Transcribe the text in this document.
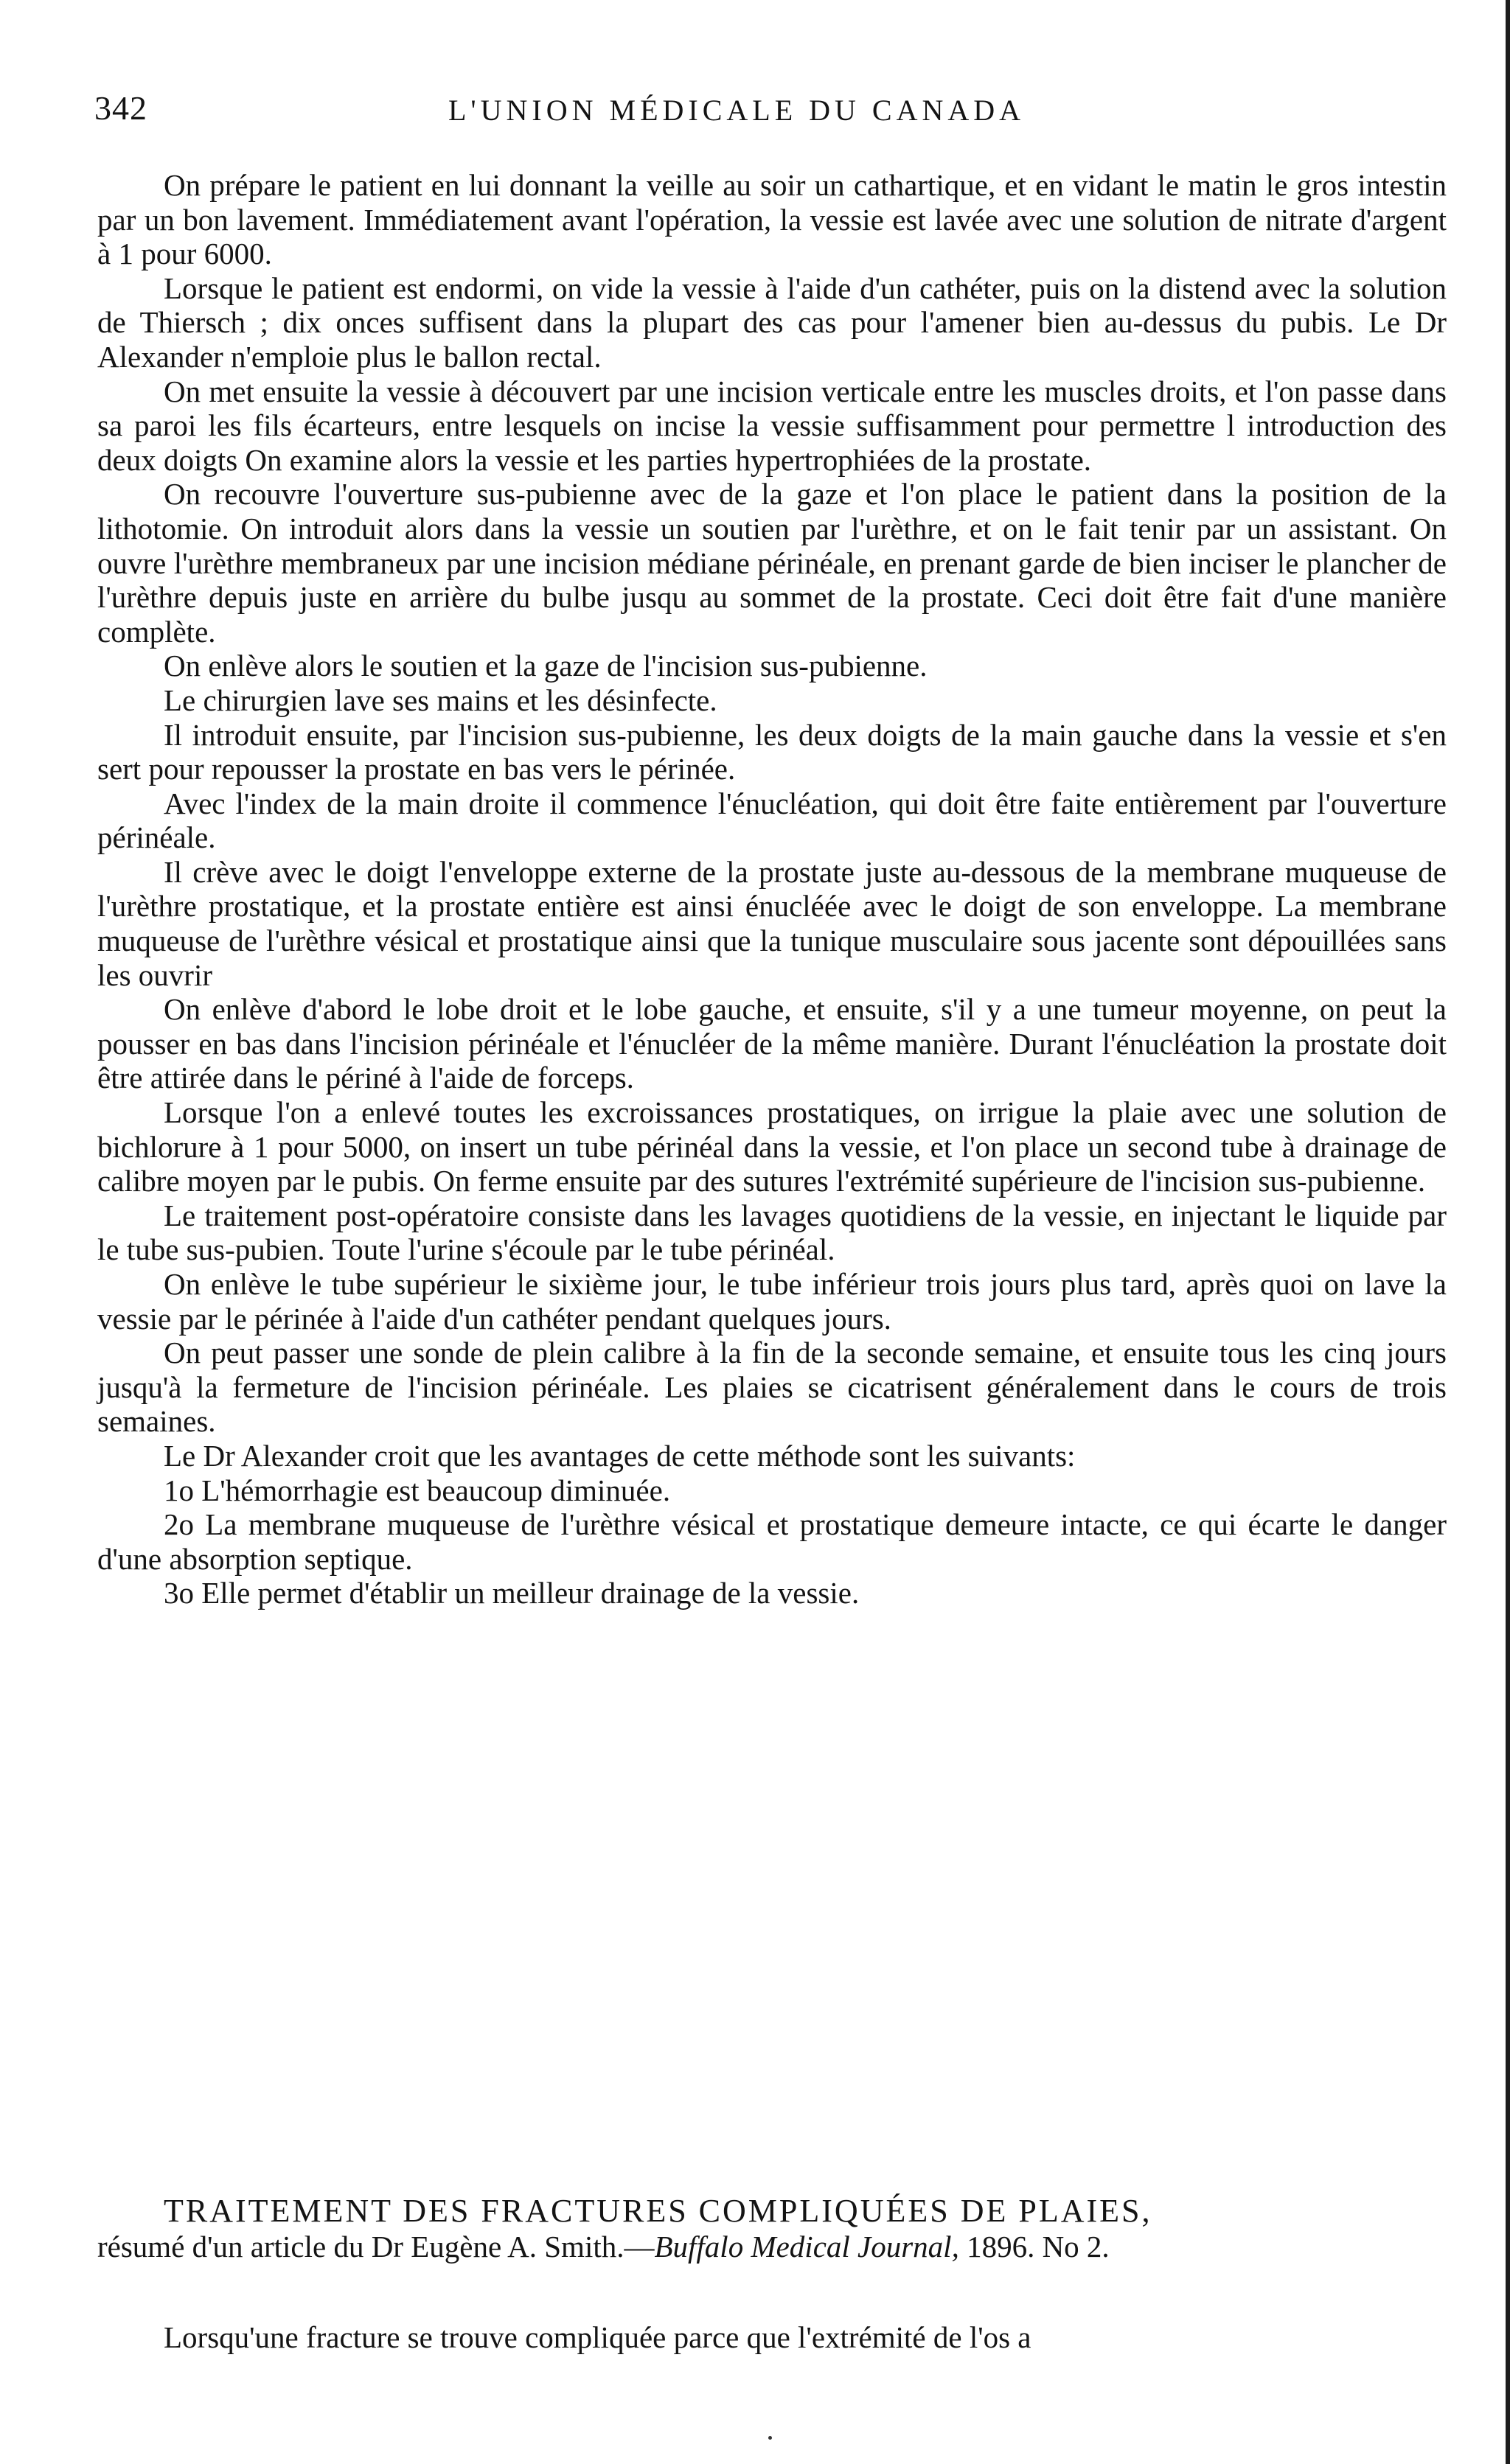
342	L'UNION MÉDICALE DU CANADA

On prépare le patient en lui donnant la veille au soir un cathartique, et en vidant le matin le gros intestin par un bon lavement. Immédiatement avant l'opération, la vessie est lavée avec une solution de nitrate d'argent à 1 pour 6000.

Lorsque le patient est endormi, on vide la vessie à l'aide d'un cathéter, puis on la distend avec la solution de Thiersch ; dix onces suffisent dans la plupart des cas pour l'amener bien au-dessus du pubis. Le Dr Alexander n'emploie plus le ballon rectal.

On met ensuite la vessie à découvert par une incision verticale entre les muscles droits, et l'on passe dans sa paroi les fils écarteurs, entre lesquels on incise la vessie suffisamment pour permettre l introduction des deux doigts On examine alors la vessie et les parties hypertrophiées de la prostate.

On recouvre l'ouverture sus-pubienne avec de la gaze et l'on place le patient dans la position de la lithotomie. On introduit alors dans la vessie un soutien par l'urèthre, et on le fait tenir par un assistant. On ouvre l'urèthre membraneux par une incision médiane périnéale, en prenant garde de bien inciser le plancher de l'urèthre depuis juste en arrière du bulbe jusqu au sommet de la prostate. Ceci doit être fait d'une manière complète.

On enlève alors le soutien et la gaze de l'incision sus-pubienne.

Le chirurgien lave ses mains et les désinfecte.

Il introduit ensuite, par l'incision sus-pubienne, les deux doigts de la main gauche dans la vessie et s'en sert pour repousser la prostate en bas vers le périnée.

Avec l'index de la main droite il commence l'énucléation, qui doit être faite entièrement par l'ouverture périnéale.

Il crève avec le doigt l'enveloppe externe de la prostate juste au-dessous de la membrane muqueuse de l'urèthre prostatique, et la prostate entière est ainsi énucléée avec le doigt de son enveloppe. La membrane muqueuse de l'urèthre vésical et prostatique ainsi que la tunique musculaire sous jacente sont dépouillées sans les ouvrir

On enlève d'abord le lobe droit et le lobe gauche, et ensuite, s'il y a une tumeur moyenne, on peut la pousser en bas dans l'incision périnéale et l'énucléer de la même manière. Durant l'énucléation la prostate doit être attirée dans le périné à l'aide de forceps.

Lorsque l'on a enlevé toutes les excroissances prostatiques, on irrigue la plaie avec une solution de bichlorure à 1 pour 5000, on insert un tube périnéal dans la vessie, et l'on place un second tube à drainage de calibre moyen par le pubis. On ferme ensuite par des sutures l'extrémité supérieure de l'incision sus-pubienne.

Le traitement post-opératoire consiste dans les lavages quotidiens de la vessie, en injectant le liquide par le tube sus-pubien. Toute l'urine s'écoule par le tube périnéal.

On enlève le tube supérieur le sixième jour, le tube inférieur trois jours plus tard, après quoi on lave la vessie par le périnée à l'aide d'un cathéter pendant quelques jours.

On peut passer une sonde de plein calibre à la fin de la seconde semaine, et ensuite tous les cinq jours jusqu'à la fermeture de l'incision périnéale. Les plaies se cicatrisent généralement dans le cours de trois semaines.

Le Dr Alexander croit que les avantages de cette méthode sont les suivants:

1o L'hémorrhagie est beaucoup diminuée.

2o La membrane muqueuse de l'urèthre vésical et prostatique demeure intacte, ce qui écarte le danger d'une absorption septique.

3o Elle permet d'établir un meilleur drainage de la vessie.

TRAITEMENT DES FRACTURES COMPLIQUÉES DE PLAIES,

résumé d'un article du Dr Eugène A. Smith.—Buffalo Medical Journal, 1896. No 2.

Lorsqu'une fracture se trouve compliquée parce que l'extrémité de l'os a
